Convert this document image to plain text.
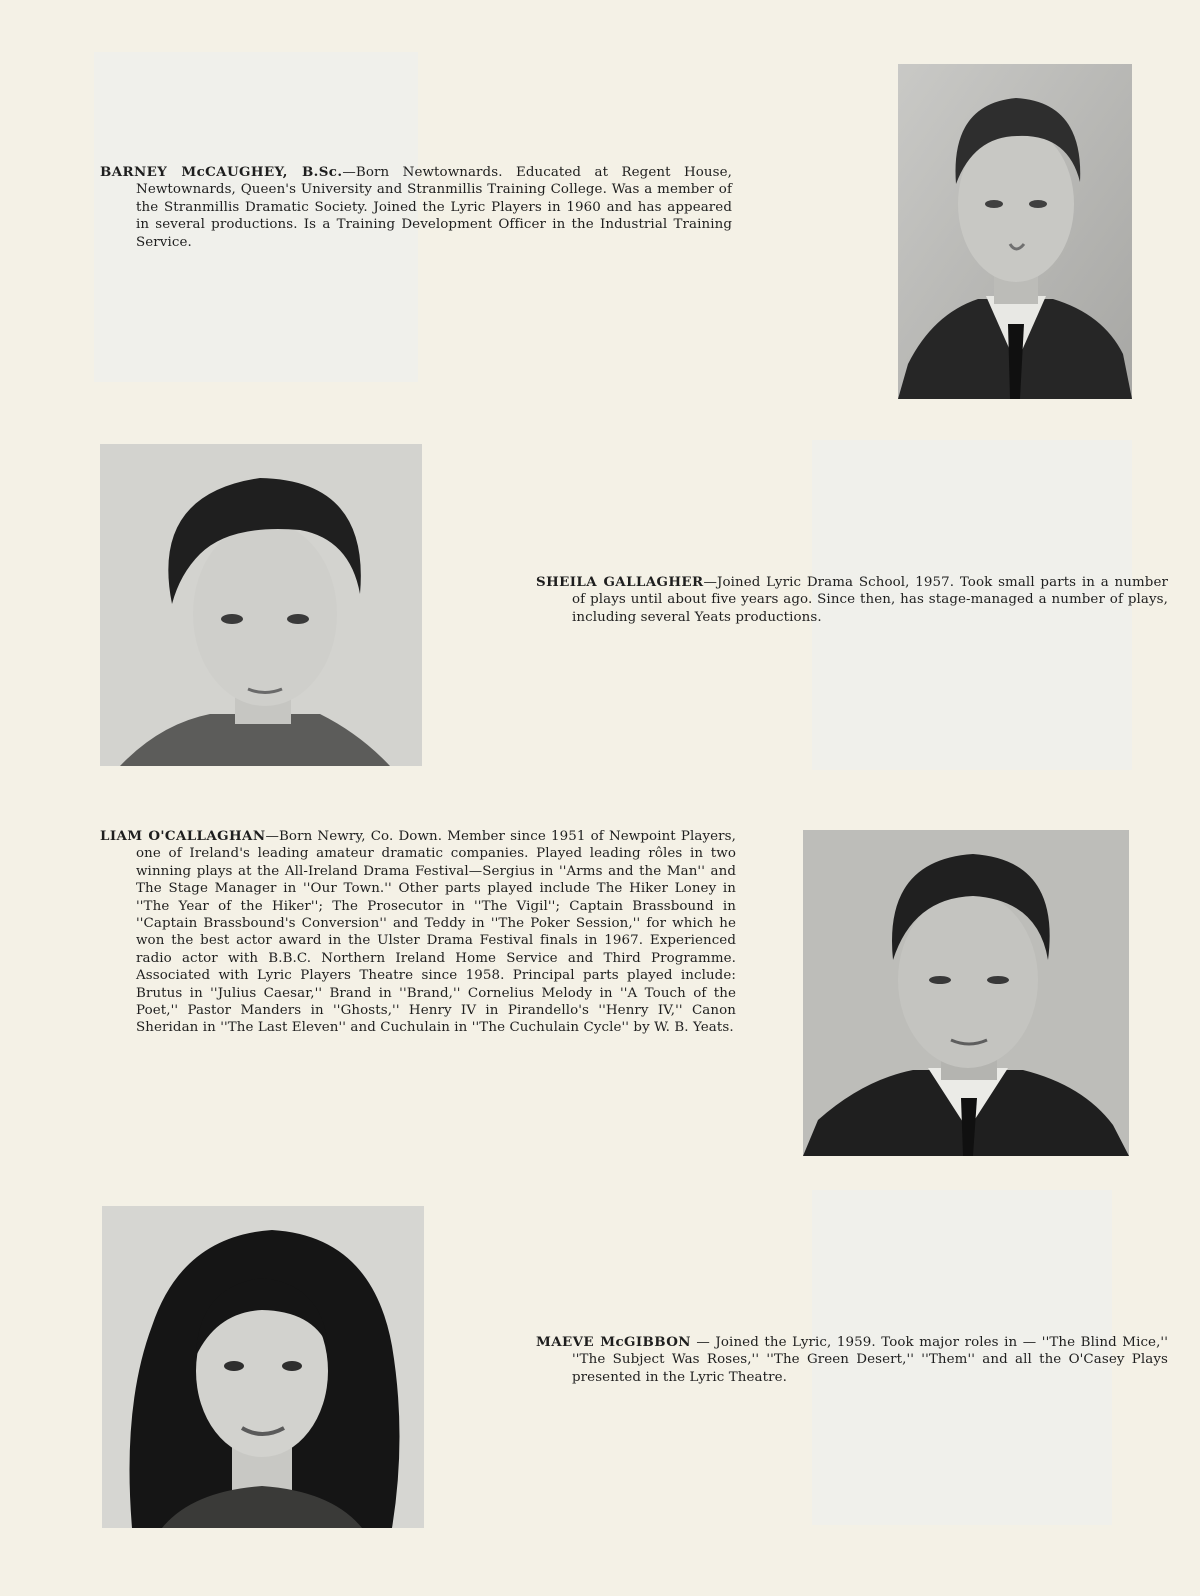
BARNEY McCAUGHEY, B.Sc.—Born Newtownards. Educated at Regent House, Newtownards, Queen's University and Stranmillis Training College. Was a member of the Stranmillis Dramatic Society. Joined the Lyric Players in 1960 and has appeared in several productions. Is a Training Development Officer in the Industrial Training Service.

SHEILA GALLAGHER—Joined Lyric Drama School, 1957. Took small parts in a number of plays until about five years ago. Since then, has stage-managed a number of plays, including several Yeats productions.

LIAM O'CALLAGHAN—Born Newry, Co. Down. Member since 1951 of Newpoint Players, one of Ireland's leading amateur dramatic companies. Played leading rôles in two winning plays at the All-Ireland Drama Festival—Sergius in ''Arms and the Man'' and The Stage Manager in ''Our Town.'' Other parts played include The Hiker Loney in ''The Year of the Hiker''; The Prosecutor in ''The Vigil''; Captain Brassbound in ''Captain Brassbound's Conversion'' and Teddy in ''The Poker Session,'' for which he won the best actor award in the Ulster Drama Festival finals in 1967. Experienced radio actor with B.B.C. Northern Ireland Home Service and Third Programme. Associated with Lyric Players Theatre since 1958. Principal parts played include: Brutus in ''Julius Caesar,'' Brand in ''Brand,'' Cornelius Melody in ''A Touch of the Poet,'' Pastor Manders in ''Ghosts,'' Henry IV in Pirandello's ''Henry IV,'' Canon Sheridan in ''The Last Eleven'' and Cuchulain in ''The Cuchulain Cycle'' by W. B. Yeats.

MAEVE McGIBBON — Joined the Lyric, 1959. Took major roles in — ''The Blind Mice,'' ''The Subject Was Roses,'' ''The Green Desert,'' ''Them'' and all the O'Casey Plays presented in the Lyric Theatre.
